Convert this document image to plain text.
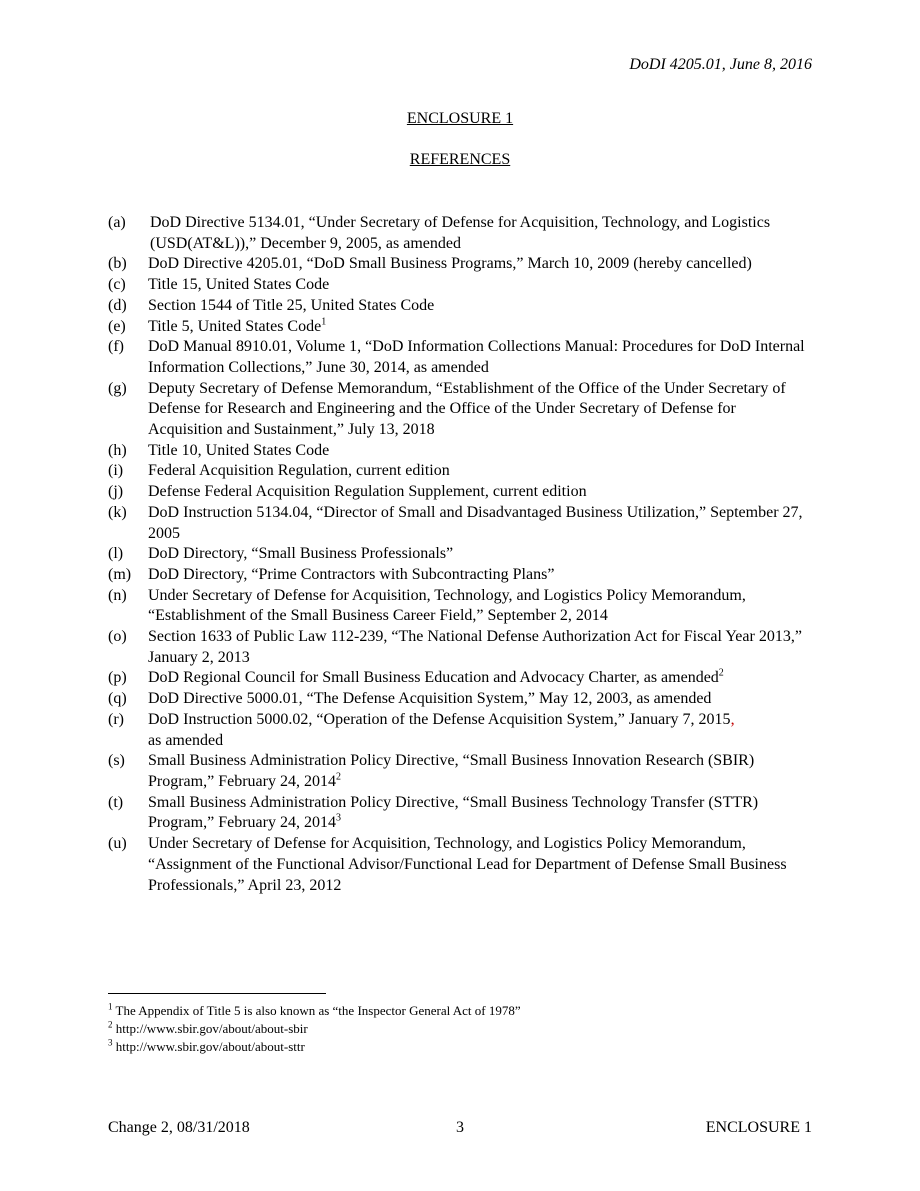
DoDI 4205.01, June 8, 2016
ENCLOSURE 1
REFERENCES
(a) DoD Directive 5134.01, “Under Secretary of Defense for Acquisition, Technology, and Logistics (USD(AT&L)),” December 9, 2005, as amended
(b) DoD Directive 4205.01, “DoD Small Business Programs,” March 10, 2009 (hereby cancelled)
(c) Title 15, United States Code
(d) Section 1544 of Title 25, United States Code
(e) Title 5, United States Code$^1$
(f) DoD Manual 8910.01, Volume 1, “DoD Information Collections Manual: Procedures for DoD Internal Information Collections,” June 30, 2014, as amended
(g) Deputy Secretary of Defense Memorandum, “Establishment of the Office of the Under Secretary of Defense for Research and Engineering and the Office of the Under Secretary of Defense for Acquisition and Sustainment,” July 13, 2018
(h) Title 10, United States Code
(i) Federal Acquisition Regulation, current edition
(j) Defense Federal Acquisition Regulation Supplement, current edition
(k) DoD Instruction 5134.04, “Director of Small and Disadvantaged Business Utilization,” September 27, 2005
(l) DoD Directory, “Small Business Professionals”
(m) DoD Directory, “Prime Contractors with Subcontracting Plans”
(n) Under Secretary of Defense for Acquisition, Technology, and Logistics Policy Memorandum, “Establishment of the Small Business Career Field,” September 2, 2014
(o) Section 1633 of Public Law 112-239, “The National Defense Authorization Act for Fiscal Year 2013,” January 2, 2013
(p) DoD Regional Council for Small Business Education and Advocacy Charter, as amended$^2$
(q) DoD Directive 5000.01, “The Defense Acquisition System,” May 12, 2003, as amended
(r) DoD Instruction 5000.02, “Operation of the Defense Acquisition System,” January 7, 2015,
as amended
(s) Small Business Administration Policy Directive, “Small Business Innovation Research (SBIR) Program,” February 24, 2014$^2$
(t) Small Business Administration Policy Directive, “Small Business Technology Transfer (STTR) Program,” February 24, 2014$^3$
(u) Under Secretary of Defense for Acquisition, Technology, and Logistics Policy Memorandum, “Assignment of the Functional Advisor/Functional Lead for Department of Defense Small Business Professionals,” April 23, 2012
$^1$ The Appendix of Title 5 is also known as “the Inspector General Act of 1978”
$^2$ http://www.sbir.gov/about/about-sbir
$^3$ http://www.sbir.gov/about/about-sttr
Change 2, 08/31/2018	3	ENCLOSURE 1
